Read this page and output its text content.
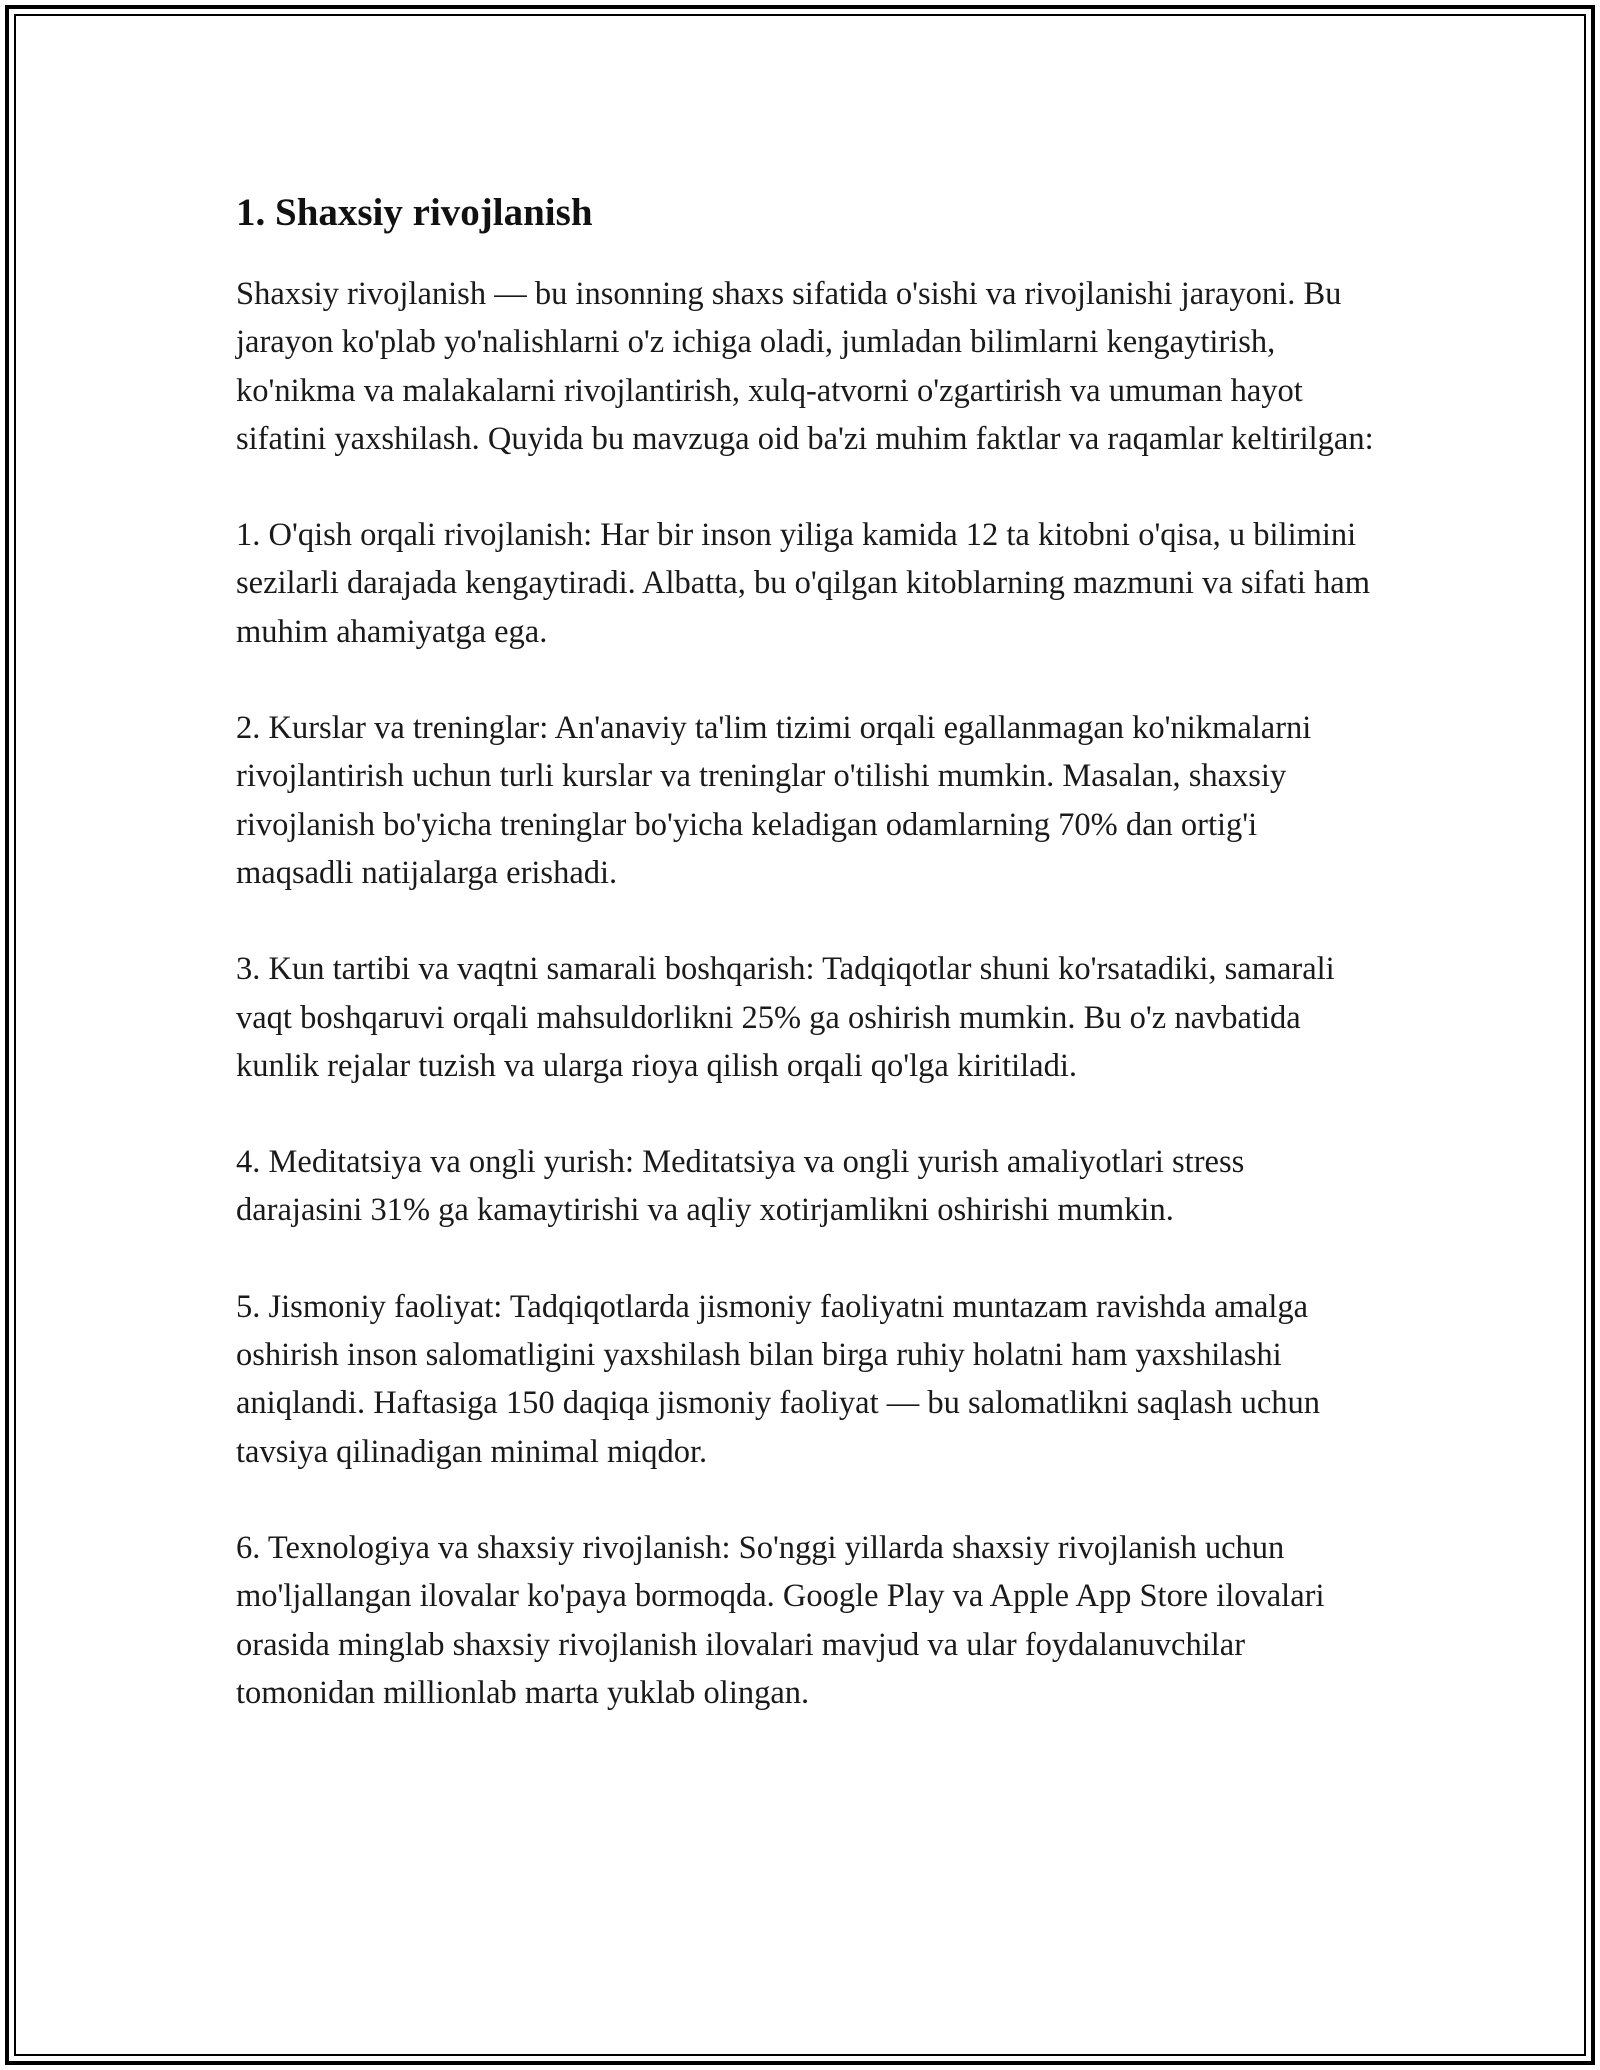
1. Shaxsiy rivojlanish

Shaxsiy rivojlanish — bu insonning shaxs sifatida o'sishi va rivojlanishi jarayoni. Bu jarayon ko'plab yo'nalishlarni o'z ichiga oladi, jumladan bilimlarni kengaytirish, ko'nikma va malakalarni rivojlantirish, xulq-atvorni o'zgartirish va umuman hayot sifatini yaxshilash. Quyida bu mavzuga oid ba'zi muhim faktlar va raqamlar keltirilgan:

1. O'qish orqali rivojlanish: Har bir inson yiliga kamida 12 ta kitobni o'qisa, u bilimini sezilarli darajada kengaytiradi. Albatta, bu o'qilgan kitoblarning mazmuni va sifati ham muhim ahamiyatga ega.

2. Kurslar va treninglar: An'anaviy ta'lim tizimi orqali egallanmagan ko'nikmalarni rivojlantirish uchun turli kurslar va treninglar o'tilishi mumkin. Masalan, shaxsiy rivojlanish bo'yicha treninglar bo'yicha keladigan odamlarning 70% dan ortig'i maqsadli natijalarga erishadi.

3. Kun tartibi va vaqtni samarali boshqarish: Tadqiqotlar shuni ko'rsatadiki, samarali vaqt boshqaruvi orqali mahsuldorlikni 25% ga oshirish mumkin. Bu o'z navbatida kunlik rejalar tuzish va ularga rioya qilish orqali qo'lga kiritiladi.

4. Meditatsiya va ongli yurish: Meditatsiya va ongli yurish amaliyotlari stress darajasini 31% ga kamaytirishi va aqliy xotirjamlikni oshirishi mumkin.

5. Jismoniy faoliyat: Tadqiqotlarda jismoniy faoliyatni muntazam ravishda amalga oshirish inson salomatligini yaxshilash bilan birga ruhiy holatni ham yaxshilashi aniqlandi. Haftasiga 150 daqiqa jismoniy faoliyat — bu salomatlikni saqlash uchun tavsiya qilinadigan minimal miqdor.

6. Texnologiya va shaxsiy rivojlanish: So'nggi yillarda shaxsiy rivojlanish uchun mo'ljallangan ilovalar ko'paya bormoqda. Google Play va Apple App Store ilovalari orasida minglab shaxsiy rivojlanish ilovalari mavjud va ular foydalanuvchilar tomonidan millionlab marta yuklab olingan.
